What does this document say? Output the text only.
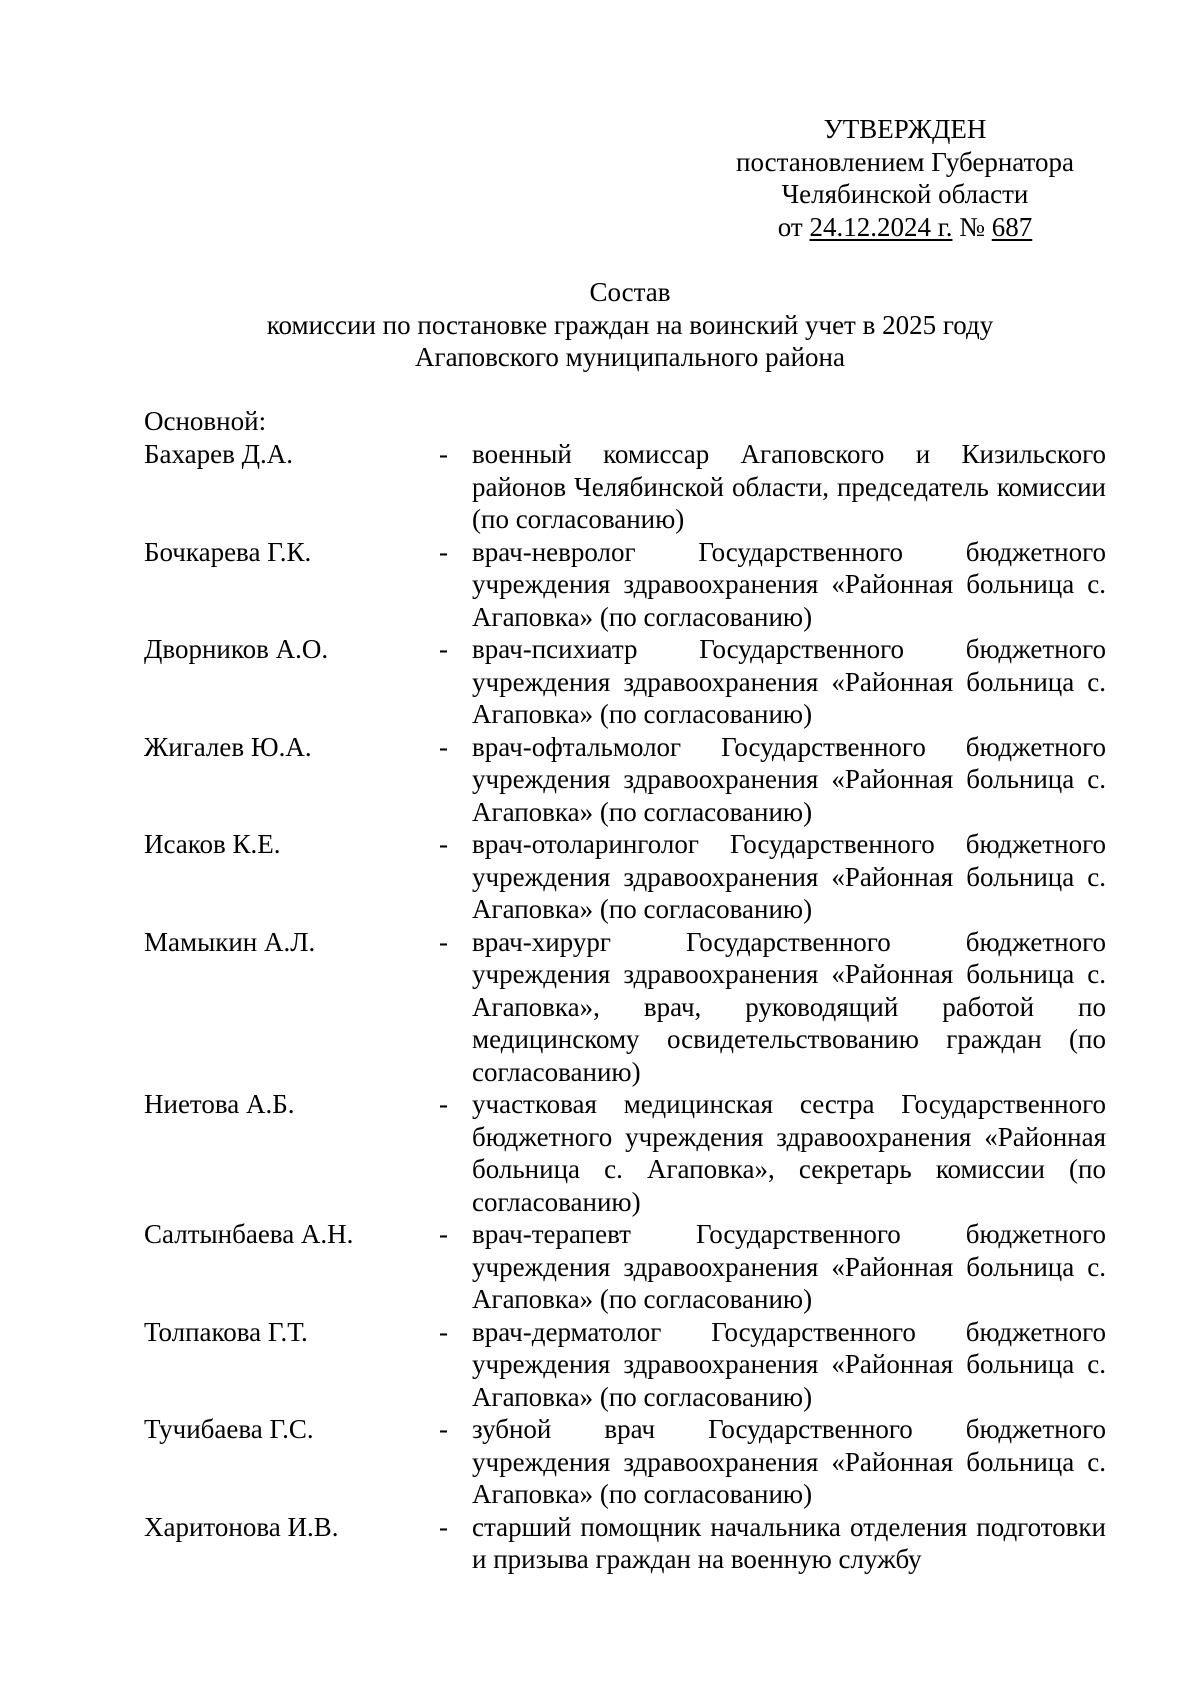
УТВЕРЖДЕН
постановлением Губернатора
Челябинской области
от 24.12.2024 г. № 687
Состав
комиссии по постановке граждан на воинский учет в 2025 году
Агаповского муниципального района
Основной:
Бахарев Д.А.	- военный комиссар Агаповского и Кизильского районов Челябинской области, председатель комиссии (по согласованию)
Бочкарева Г.К.	- врач-невролог Государственного бюджетного учреждения здравоохранения «Районная больница с. Агаповка» (по согласованию)
Дворников А.О.	- врач-психиатр Государственного бюджетного учреждения здравоохранения «Районная больница с. Агаповка» (по согласованию)
Жигалев Ю.А.	- врач-офтальмолог Государственного бюджетного учреждения здравоохранения «Районная больница с. Агаповка» (по согласованию)
Исаков К.Е.	- врач-отоларинголог Государственного бюджетного учреждения здравоохранения «Районная больница с. Агаповка» (по согласованию)
Мамыкин А.Л.	- врач-хирург Государственного бюджетного учреждения здравоохранения «Районная больница с. Агаповка», врач, руководящий работой по медицинскому освидетельствованию граждан (по согласованию)
Ниетова А.Б.	- участковая медицинская сестра Государственного бюджетного учреждения здравоохранения «Районная больница с. Агаповка», секретарь комиссии (по согласованию)
Салтынбаева А.Н.	- врач-терапевт Государственного бюджетного учреждения здравоохранения «Районная больница с. Агаповка» (по согласованию)
Толпакова Г.Т.	- врач-дерматолог Государственного бюджетного учреждения здравоохранения «Районная больница с. Агаповка» (по согласованию)
Тучибаева Г.С.	- зубной врач Государственного бюджетного учреждения здравоохранения «Районная больница с. Агаповка» (по согласованию)
Харитонова И.В.	- старший помощник начальника отделения подготовки и призыва граждан на военную службу
